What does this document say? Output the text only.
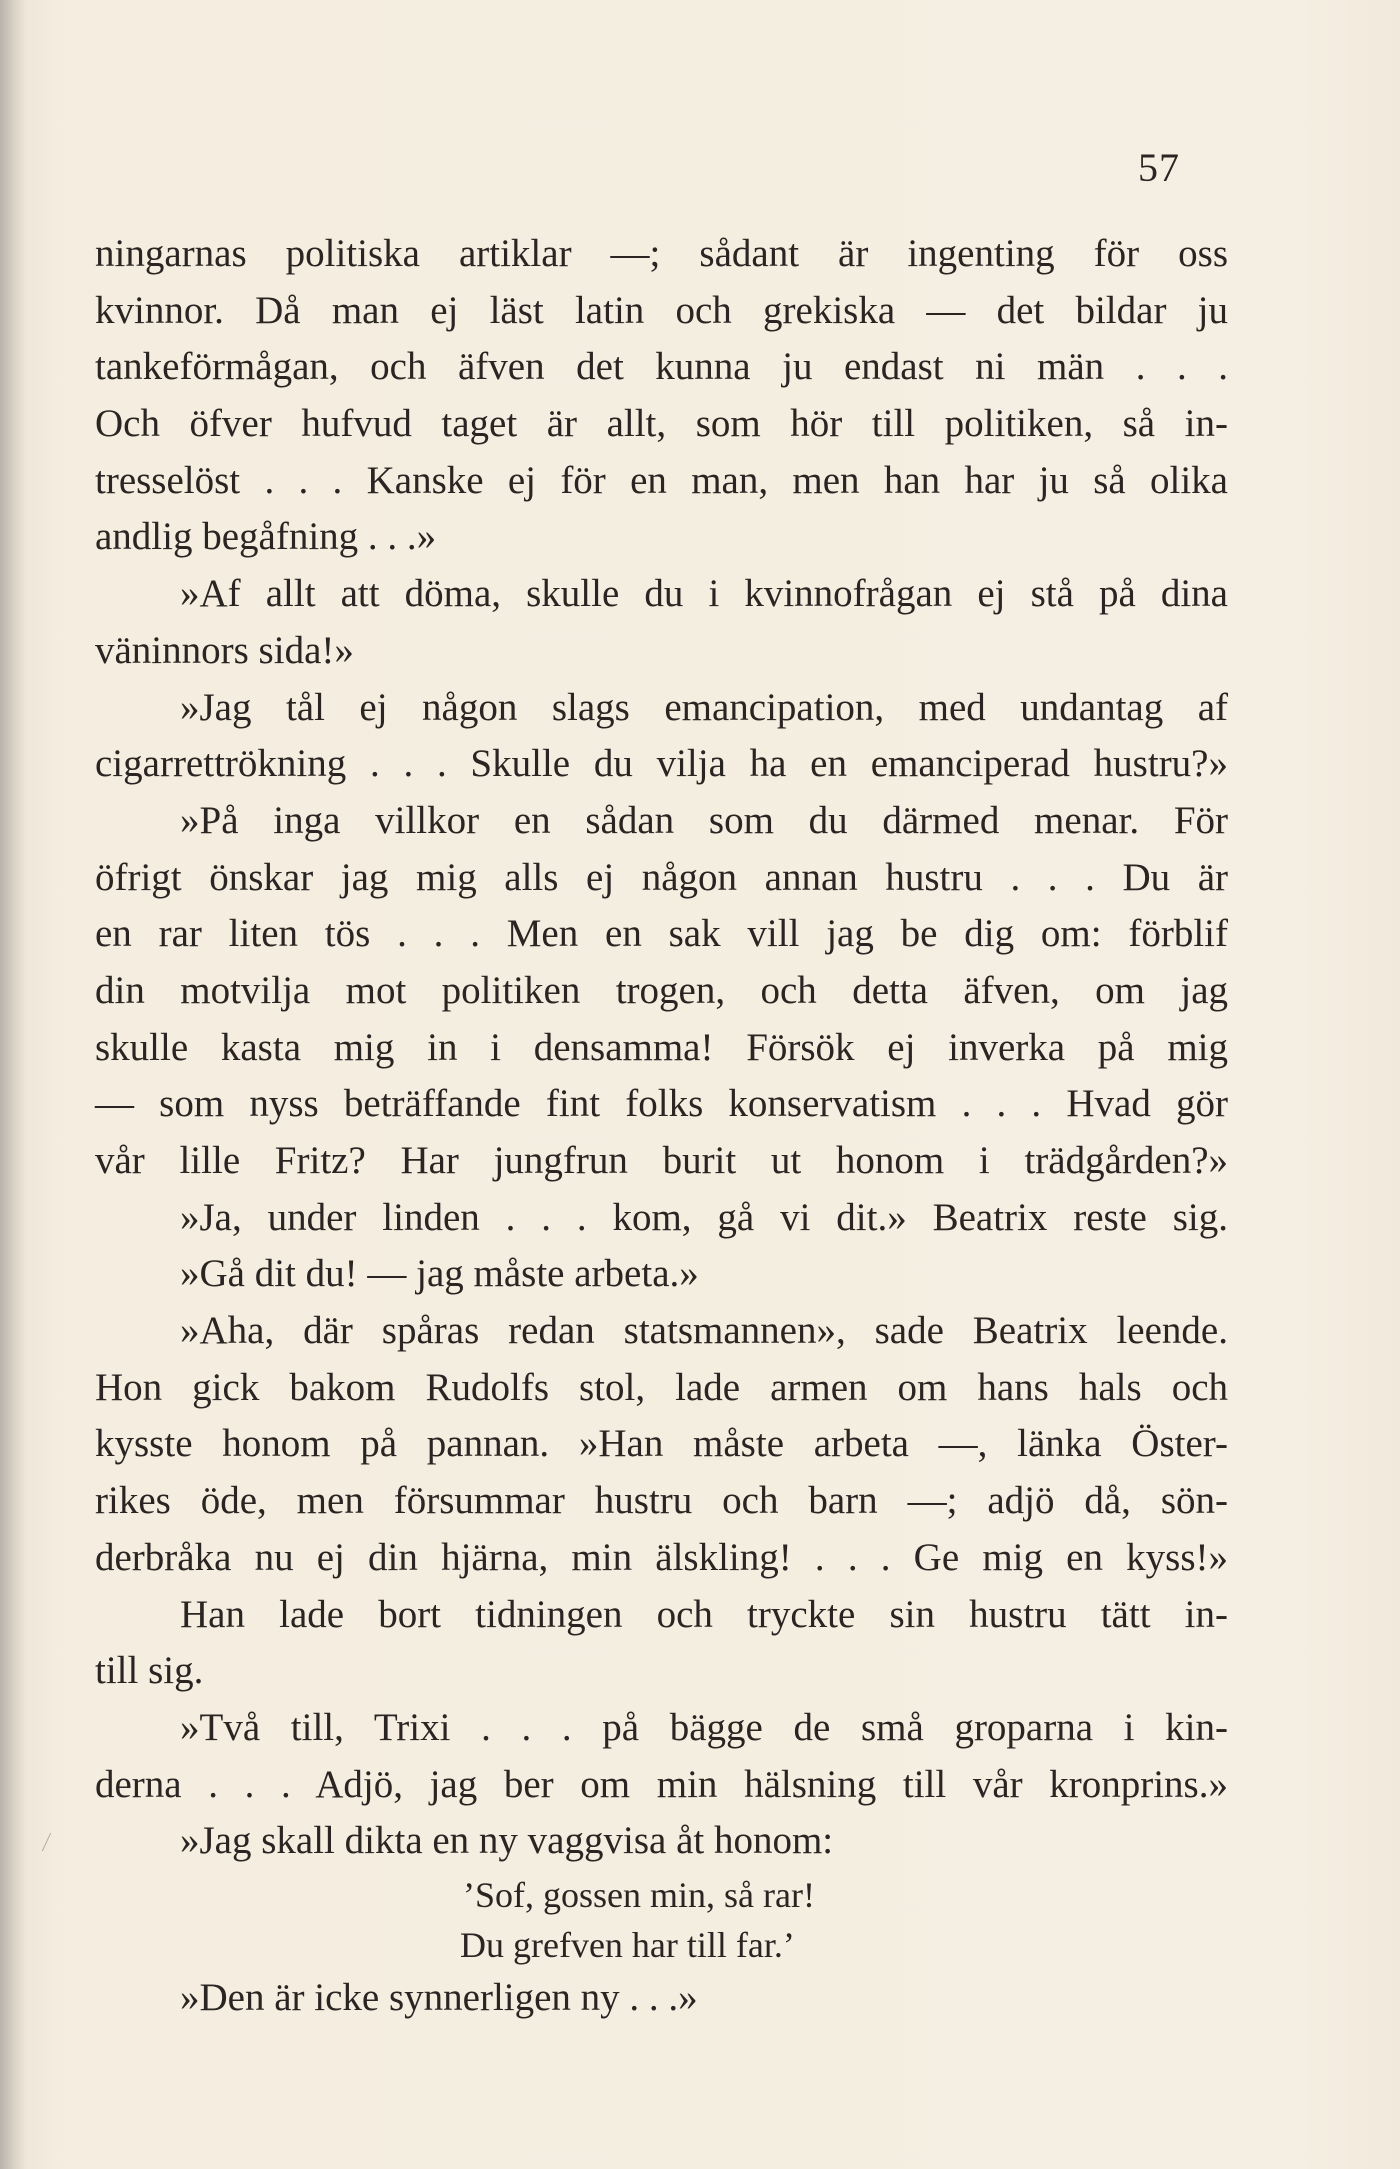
57
ningarnas politiska artiklar —; sådant är ingenting för oss
kvinnor. Då man ej läst latin och grekiska — det bildar ju
tankeförmågan, och äfven det kunna ju endast ni män . . .
Och öfver hufvud taget är allt, som hör till politiken, så in-
tresselöst . . . Kanske ej för en man, men han har ju så olika
andlig begåfning . . .»
»Af allt att döma, skulle du i kvinnofrågan ej stå på dina
väninnors sida!»
»Jag tål ej någon slags emancipation, med undantag af
cigarrettrökning . . . Skulle du vilja ha en emanciperad hustru?»
»På inga villkor en sådan som du därmed menar. För
öfrigt önskar jag mig alls ej någon annan hustru . . . Du är
en rar liten tös . . . Men en sak vill jag be dig om: förblif
din motvilja mot politiken trogen, och detta äfven, om jag
skulle kasta mig in i densamma! Försök ej inverka på mig
— som nyss beträffande fint folks konservatism . . . Hvad gör
vår lille Fritz? Har jungfrun burit ut honom i trädgården?»
»Ja, under linden . . . kom, gå vi dit.» Beatrix reste sig.
»Gå dit du! — jag måste arbeta.»
»Aha, där spåras redan statsmannen», sade Beatrix leende.
Hon gick bakom Rudolfs stol, lade armen om hans hals och
kysste honom på pannan. »Han måste arbeta —, länka Öster-
rikes öde, men försummar hustru och barn —; adjö då, sön-
derbråka nu ej din hjärna, min älskling! . . . Ge mig en kyss!»
Han lade bort tidningen och tryckte sin hustru tätt in-
till sig.
»Två till, Trixi . . . på bägge de små groparna i kin-
derna . . . Adjö, jag ber om min hälsning till vår kronprins.»
»Jag skall dikta en ny vaggvisa åt honom:
’Sof, gossen min, så rar!
Du grefven har till far.’
»Den är icke synnerligen ny . . .»
